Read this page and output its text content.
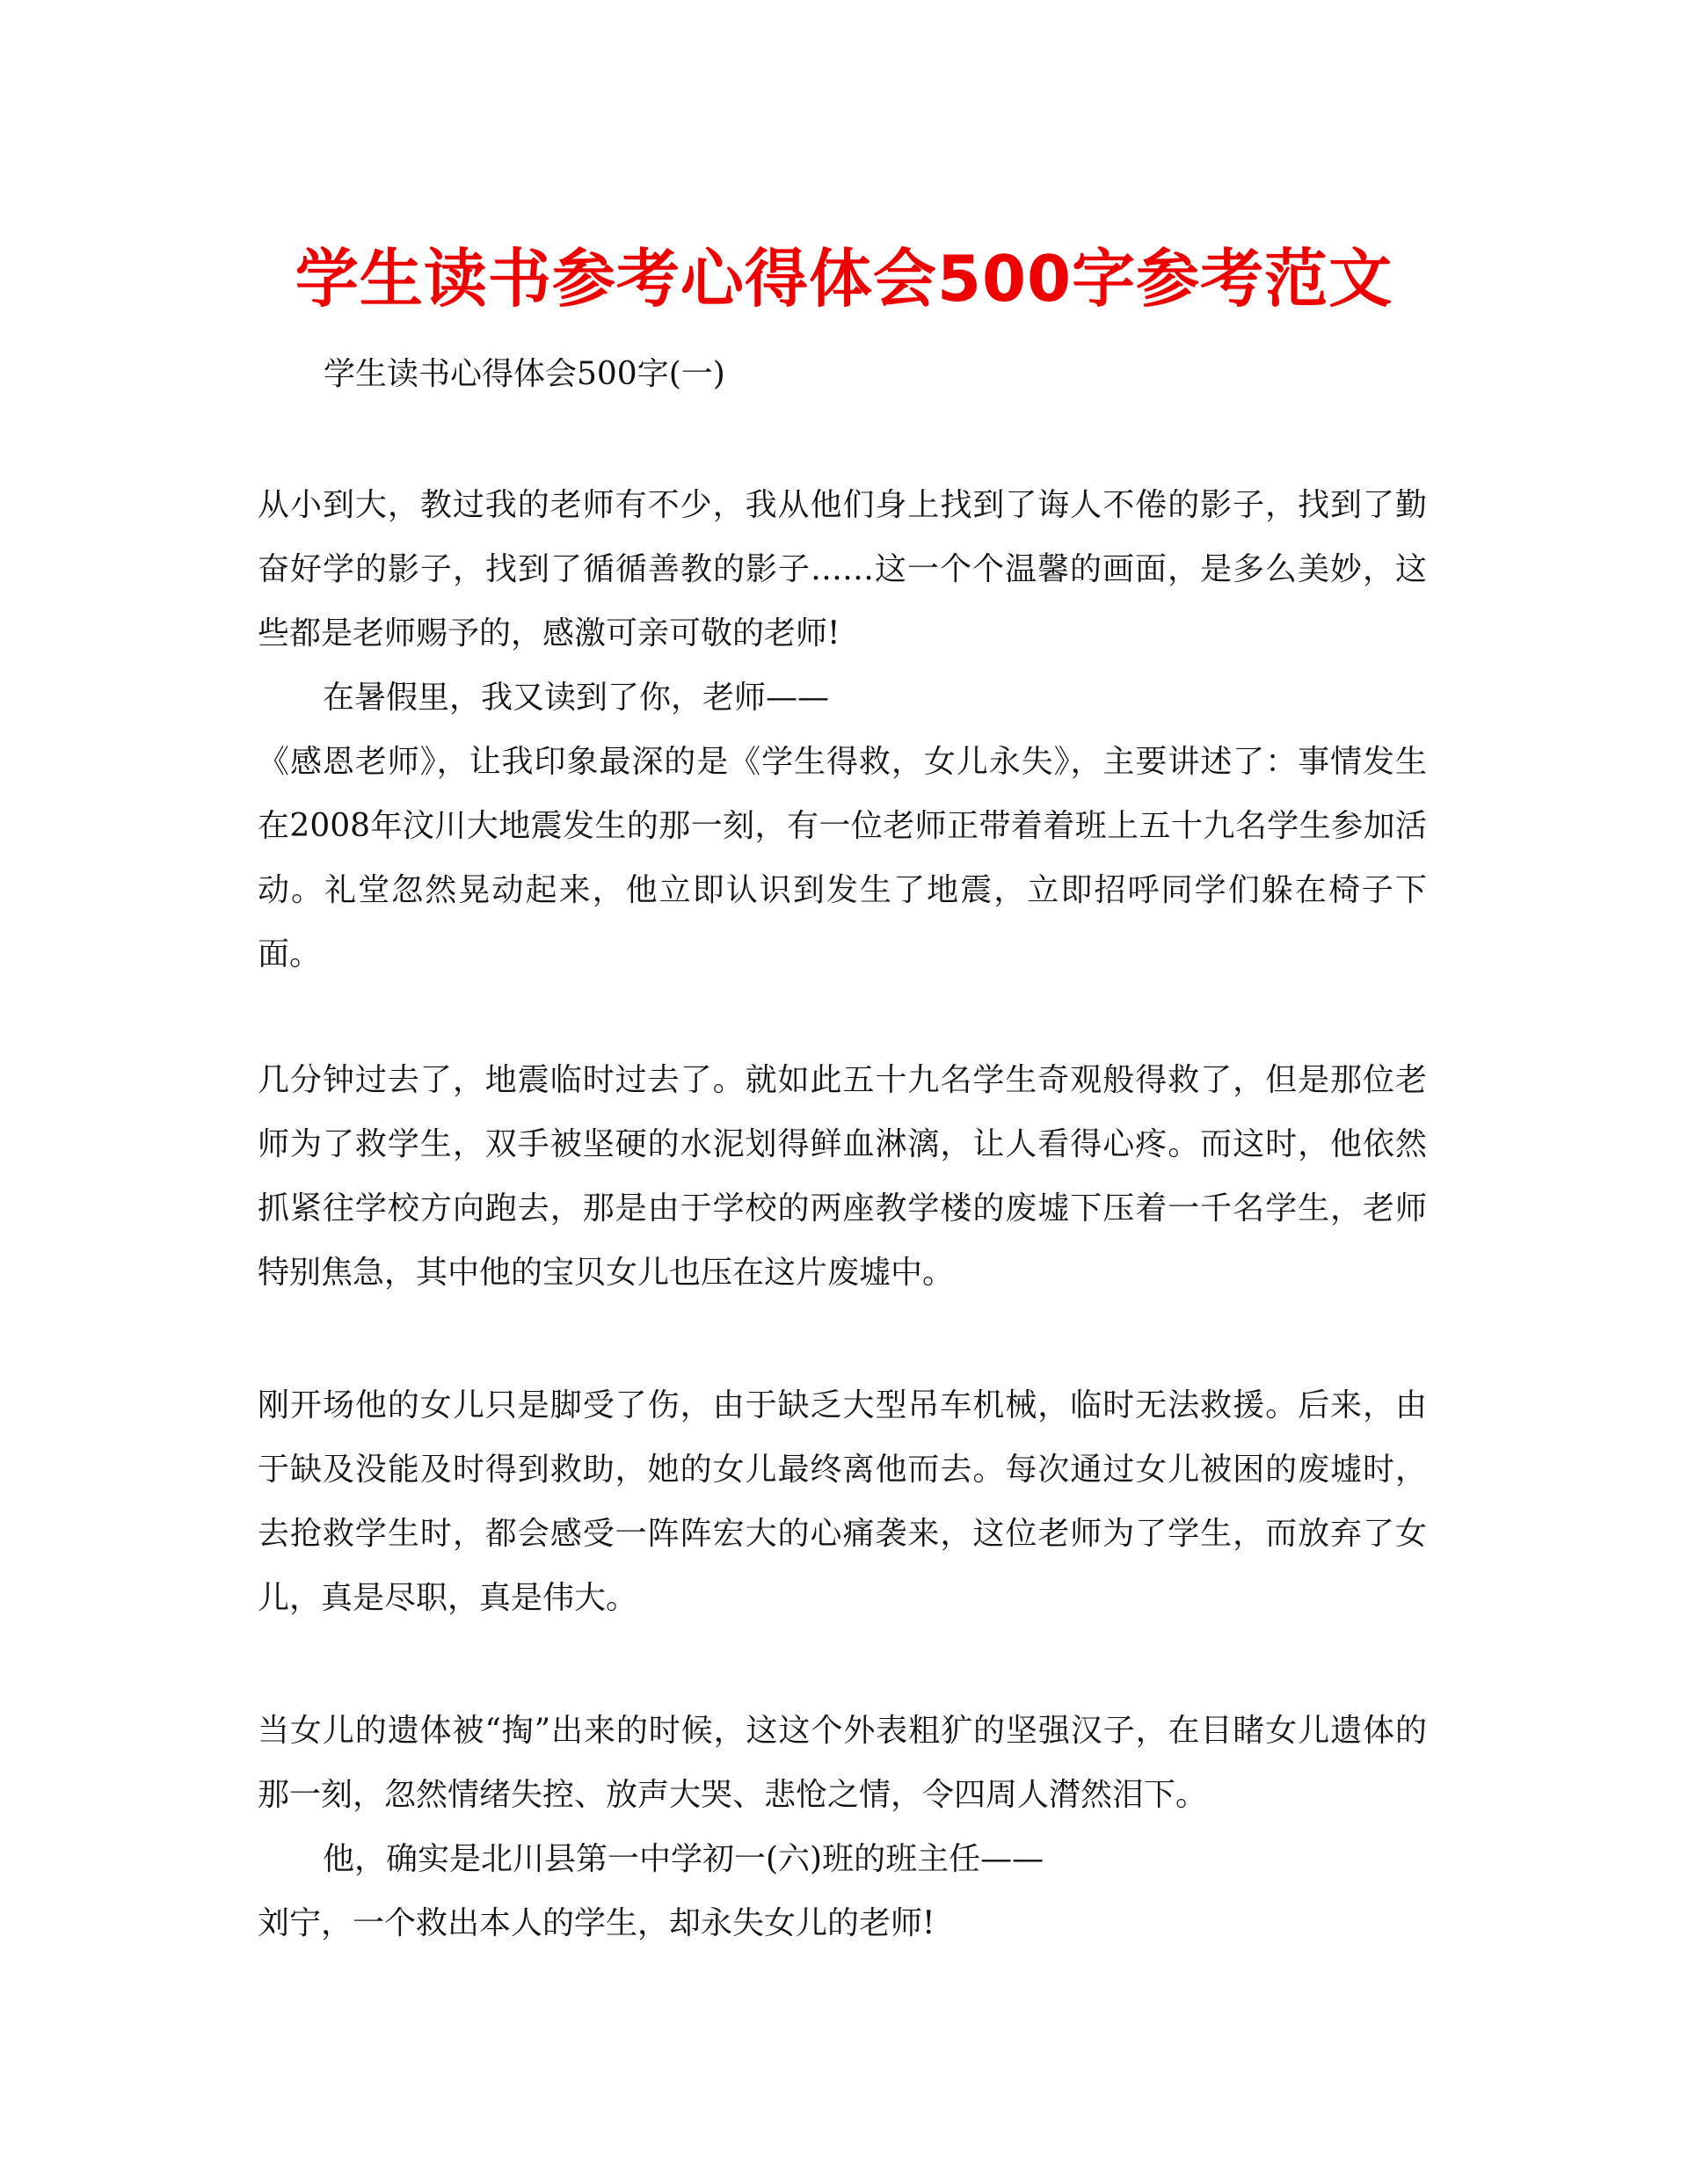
学生读书参考心得体会500字参考范文

学生读书心得体会500字(一)

从小到大，教过我的老师有不少，我从他们身上找到了诲人不倦的影子，找到了勤奋好学的影子，找到了循循善教的影子……这一个个温馨的画面，是多么美妙，这些都是老师赐予的，感激可亲可敬的老师!

在暑假里，我又读到了你，老师——

《感恩老师》，让我印象最深的是《学生得救，女儿永失》，主要讲述了：事情发生在2008年汶川大地震发生的那一刻，有一位老师正带着着班上五十九名学生参加活动。礼堂忽然晃动起来，他立即认识到发生了地震，立即招呼同学们躲在椅子下面。

几分钟过去了，地震临时过去了。就如此五十九名学生奇观般得救了，但是那位老师为了救学生，双手被坚硬的水泥划得鲜血淋漓，让人看得心疼。而这时，他依然抓紧往学校方向跑去，那是由于学校的两座教学楼的废墟下压着一千名学生，老师特别焦急，其中他的宝贝女儿也压在这片废墟中。

刚开场他的女儿只是脚受了伤，由于缺乏大型吊车机械，临时无法救援。后来，由于缺及没能及时得到救助，她的女儿最终离他而去。每次通过女儿被困的废墟时，去抢救学生时，都会感受一阵阵宏大的心痛袭来，这位老师为了学生，而放弃了女儿，真是尽职，真是伟大。

当女儿的遗体被“掏”出来的时候，这这个外表粗犷的坚强汉子，在目睹女儿遗体的那一刻，忽然情绪失控、放声大哭、悲怆之情，令四周人潸然泪下。

他，确实是北川县第一中学初一(六)班的班主任——

刘宁，一个救出本人的学生，却永失女儿的老师!
